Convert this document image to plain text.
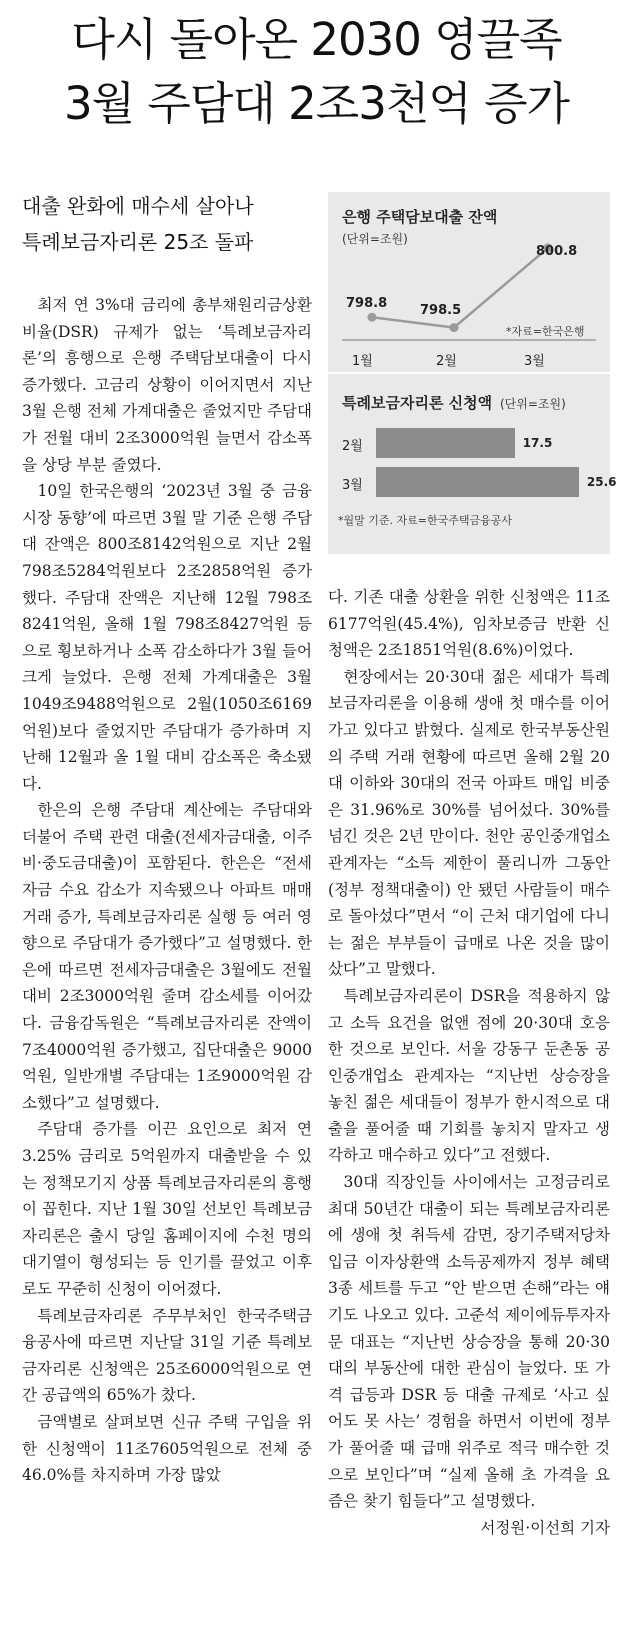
다시 돌아온 2030 영끌족
3월 주담대 2조3천억 증가
대출 완화에 매수세 살아나
특례보금자리론 25조 돌파
은행 주택담보대출 잔액
(단위=조원)
798.8	798.5
800.8
*자료=한국은행
1월	2월	3월
특례보금자리론 신청액 (단위=조원)
2월	17.5
3월	25.6
*월말 기준. 자료=한국주택금융공사

최저 연 3%대 금리에 총부채원리금상환비율(DSR) 규제가 없는 ‘특례보금자리론’의 흥행으로 은행 주택담보대출이 다시 증가했다. 고금리 상황이 이어지면서 지난 3월 은행 전체 가계대출은 줄었지만 주담대가 전월 대비 2조3000억원 늘면서 감소폭을 상당 부분 줄였다.

10일 한국은행의 ‘2023년 3월 중 금융시장 동향’에 따르면 3월 말 기준 은행 주담대 잔액은 800조8142억원으로 지난 2월 798조5284억원보다 2조2858억원 증가했다. 주담대 잔액은 지난해 12월 798조8241억원, 올해 1월 798조8427억원 등으로 횡보하거나 소폭 감소하다가 3월 들어 크게 늘었다. 은행 전체 가계대출은 3월 1049조9488억원으로 2월(1050조6169억원)보다 줄었지만 주담대가 증가하며 지난해 12월과 올 1월 대비 감소폭은 축소됐다.

한은의 은행 주담대 계산에는 주담대와 더불어 주택 관련 대출(전세자금대출, 이주비·중도금대출)이 포함된다. 한은은 “전세자금 수요 감소가 지속됐으나 아파트 매매 거래 증가, 특례보금자리론 실행 등 여러 영향으로 주담대가 증가했다”고 설명했다. 한은에 따르면 전세자금대출은 3월에도 전월 대비 2조3000억원 줄며 감소세를 이어갔다. 금융감독원은 “특례보금자리론 잔액이 7조4000억원 증가했고, 집단대출은 9000억원, 일반개별 주담대는 1조9000억원 감소했다”고 설명했다.

주담대 증가를 이끈 요인으로 최저 연 3.25% 금리로 5억원까지 대출받을 수 있는 정책모기지 상품 특례보금자리론의 흥행이 꼽힌다. 지난 1월 30일 선보인 특례보금자리론은 출시 당일 홈페이지에 수천 명의 대기열이 형성되는 등 인기를 끌었고 이후로도 꾸준히 신청이 이어졌다.

특례보금자리론 주무부처인 한국주택금융공사에 따르면 지난달 31일 기준 특례보금자리론 신청액은 25조6000억원으로 연간 공급액의 65%가 찼다.

금액별로 살펴보면 신규 주택 구입을 위한 신청액이 11조7605억원으로 전체 중 46.0%를 차지하며 가장 많았

다. 기존 대출 상환을 위한 신청액은 11조6177억원(45.4%), 임차보증금 반환 신청액은 2조1851억원(8.6%)이었다.

현장에서는 20·30대 젊은 세대가 특례보금자리론을 이용해 생애 첫 매수를 이어가고 있다고 밝혔다. 실제로 한국부동산원의 주택 거래 현황에 따르면 올해 2월 20대 이하와 30대의 전국 아파트 매입 비중은 31.96%로 30%를 넘어섰다. 30%를 넘긴 것은 2년 만이다. 천안 공인중개업소 관계자는 “소득 제한이 풀리니까 그동안(정부 정책대출이) 안 됐던 사람들이 매수로 돌아섰다”면서 “이 근처 대기업에 다니는 젊은 부부들이 급매로 나온 것을 많이 샀다”고 말했다.

특례보금자리론이 DSR을 적용하지 않고 소득 요건을 없앤 점에 20·30대 호응한 것으로 보인다. 서울 강동구 둔촌동 공인중개업소 관계자는 “지난번 상승장을 놓친 젊은 세대들이 정부가 한시적으로 대출을 풀어줄 때 기회를 놓치지 말자고 생각하고 매수하고 있다”고 전했다.

30대 직장인들 사이에서는 고정금리로 최대 50년간 대출이 되는 특례보금자리론에 생애 첫 취득세 감면, 장기주택저당차입금 이자상환액 소득공제까지 정부 혜택 3종 세트를 두고 “안 받으면 손해”라는 얘기도 나오고 있다. 고준석 제이에듀투자자문 대표는 “지난번 상승장을 통해 20·30대의 부동산에 대한 관심이 늘었다. 또 가격 급등과 DSR 등 대출 규제로 ‘사고 싶어도 못 사는’ 경험을 하면서 이번에 정부가 풀어줄 때 급매 위주로 적극 매수한 것으로 보인다”며 “실제 올해 초 가격을 요즘은 찾기 힘들다”고 설명했다.

서정원·이선희 기자
